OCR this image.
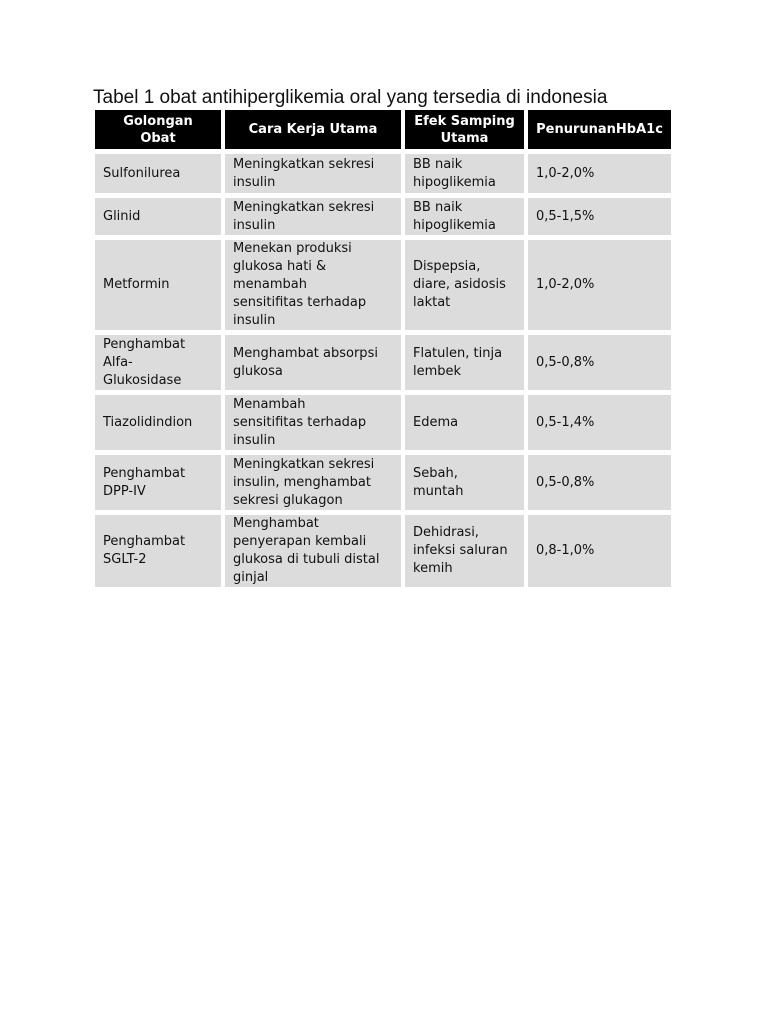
Tabel 1 obat antihiperglikemia oral yang tersedia di indonesia
Golongan
Obat
Cara Kerja Utama
Efek Samping
Utama
PenurunanHbA1c
Sulfonilurea
Meningkatkan sekresi
insulin
BB naik
hipoglikemia
1,0-2,0%
Glinid
Meningkatkan sekresi
insulin
BB naik
hipoglikemia
0,5-1,5%
Metformin
Menekan produksi
glukosa hati &
menambah
sensitifitas terhadap
insulin
Dispepsia,
diare, asidosis
laktat
1,0-2,0%
Penghambat
Alfa-
Glukosidase
Menghambat absorpsi
glukosa
Flatulen, tinja
lembek
0,5-0,8%
Tiazolidindion
Menambah
sensitifitas terhadap
insulin
Edema	0,5-1,4%
Penghambat
DPP-IV
Meningkatkan sekresi
insulin, menghambat
sekresi glukagon
Sebah,
muntah
0,5-0,8%
Penghambat
SGLT-2
Menghambat
penyerapan kembali
glukosa di tubuli distal
ginjal
Dehidrasi,
infeksi saluran
kemih
0,8-1,0%
